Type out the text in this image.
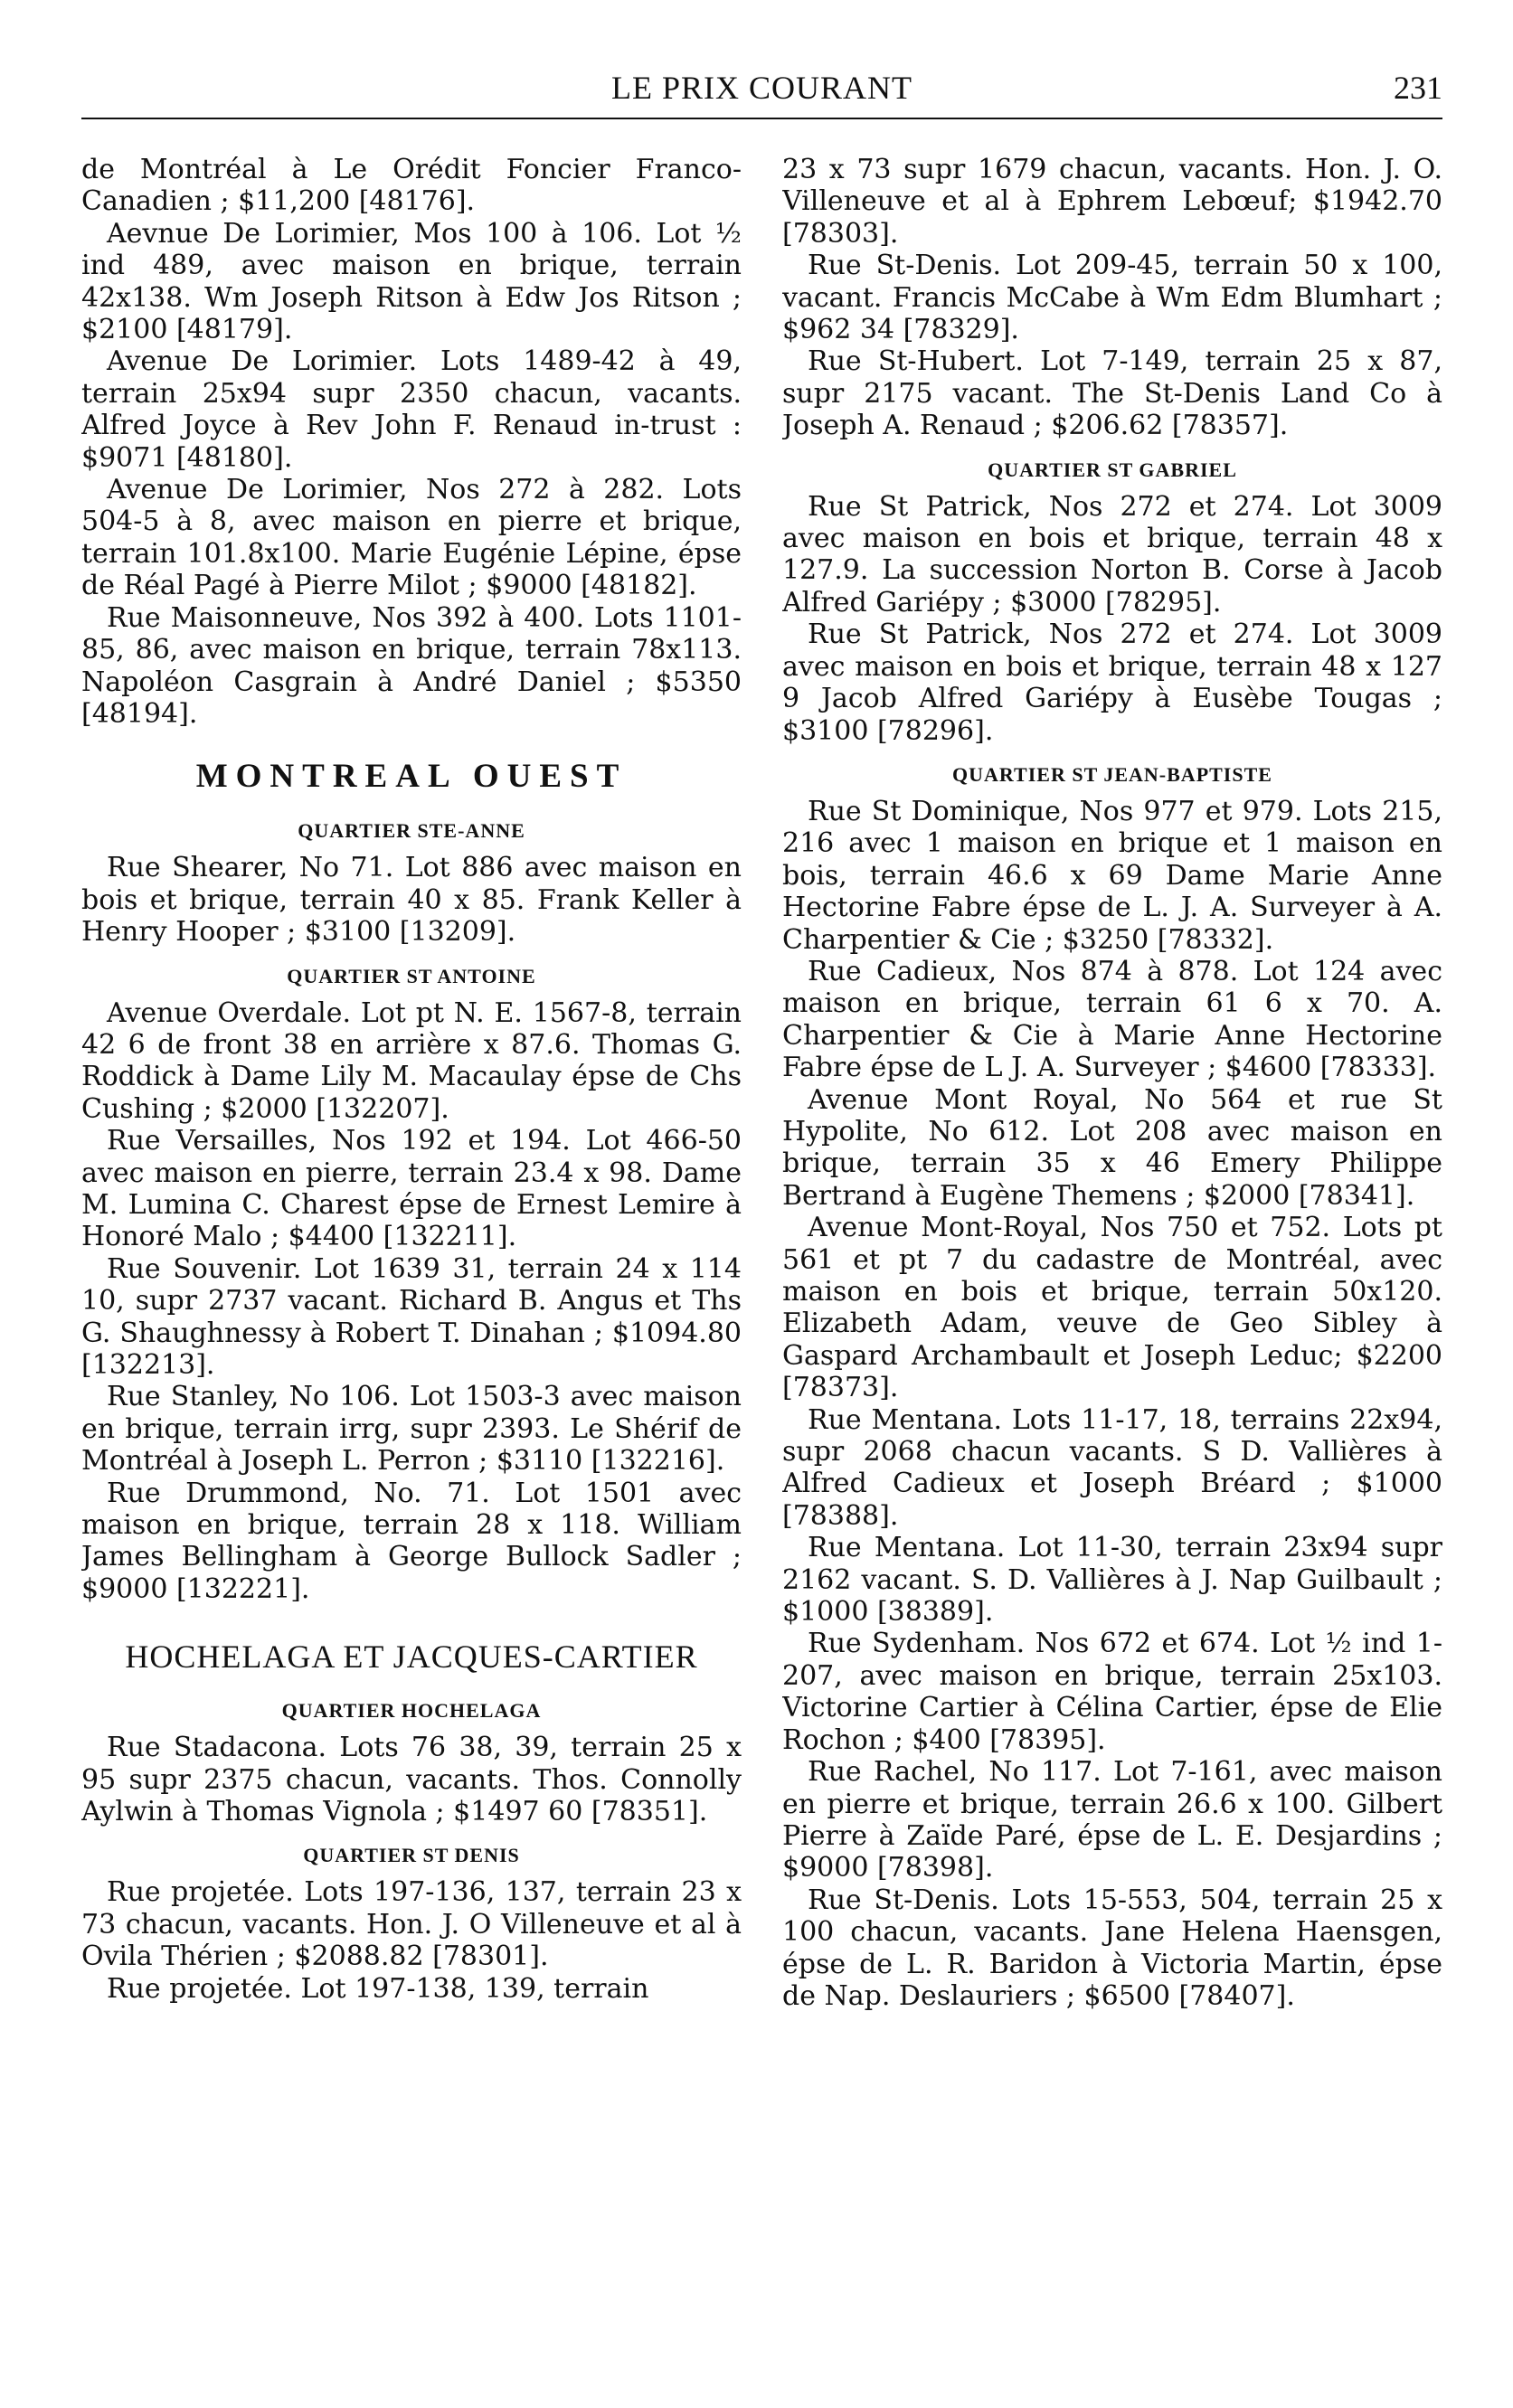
LE PRIX COURANT	231

de Montréal à Le Orédit Foncier Franco-Canadien ; $11,200 [48176].

Aevnue De Lorimier, Mos 100 à 106. Lot ½ ind 489, avec maison en brique, terrain 42x138. Wm Joseph Ritson à Edw Jos Ritson ; $2100 [48179].

Avenue De Lorimier. Lots 1489-42 à 49, terrain 25x94 supr 2350 chacun, vacants. Alfred Joyce à Rev John F. Renaud in-trust : $9071 [48180].

Avenue De Lorimier, Nos 272 à 282. Lots 504-5 à 8, avec maison en pierre et brique, terrain 101.8x100. Marie Eugénie Lépine, épse de Réal Pagé à Pierre Milot ; $9000 [48182].

Rue Maisonneuve, Nos 392 à 400. Lots 1101-85, 86, avec maison en brique, terrain 78x113. Napoléon Casgrain à André Daniel ; $5350 [48194].

MONTREAL OUEST
QUARTIER STE-ANNE

Rue Shearer, No 71. Lot 886 avec maison en bois et brique, terrain 40 x 85. Frank Keller à Henry Hooper ; $3100 [13209].

QUARTIER ST ANTOINE

Avenue Overdale. Lot pt N. E. 1567-8, terrain 42 6 de front 38 en arrière x 87.6. Thomas G. Roddick à Dame Lily M. Macaulay épse de Chs Cushing ; $2000 [132207].

Rue Versailles, Nos 192 et 194. Lot 466-50 avec maison en pierre, terrain 23.4 x 98. Dame M. Lumina C. Charest épse de Ernest Lemire à Honoré Malo ; $4400 [132211].

Rue Souvenir. Lot 1639 31, terrain 24 x 114 10, supr 2737 vacant. Richard B. Angus et Ths G. Shaughnessy à Robert T. Dinahan ; $1094.80 [132213].

Rue Stanley, No 106. Lot 1503-3 avec maison en brique, terrain irrg, supr 2393. Le Shérif de Montréal à Joseph L. Perron ; $3110 [132216].

Rue Drummond, No. 71. Lot 1501 avec maison en brique, terrain 28 x 118. William James Bellingham à George Bullock Sadler ; $9000 [132221].

HOCHELAGA ET JACQUES-CARTIER
QUARTIER HOCHELAGA

Rue Stadacona. Lots 76 38, 39, terrain 25 x 95 supr 2375 chacun, vacants. Thos. Connolly Aylwin à Thomas Vignola ; $1497 60 [78351].

QUARTIER ST DENIS

Rue projetée. Lots 197-136, 137, terrain 23 x 73 chacun, vacants. Hon. J. O Villeneuve et al à Ovila Thérien ; $2088.82 [78301].

Rue projetée. Lot 197-138, 139, terrain

23 x 73 supr 1679 chacun, vacants. Hon. J. O. Villeneuve et al à Ephrem Lebœuf; $1942.70 [78303].

Rue St-Denis. Lot 209-45, terrain 50 x 100, vacant. Francis McCabe à Wm Edm Blumhart ; $962 34 [78329].

Rue St-Hubert. Lot 7-149, terrain 25 x 87, supr 2175 vacant. The St-Denis Land Co à Joseph A. Renaud ; $206.62 [78357].

QUARTIER ST GABRIEL

Rue St Patrick, Nos 272 et 274. Lot 3009 avec maison en bois et brique, terrain 48 x 127.9. La succession Norton B. Corse à Jacob Alfred Gariépy ; $3000 [78295].

Rue St Patrick, Nos 272 et 274. Lot 3009 avec maison en bois et brique, terrain 48 x 127 9 Jacob Alfred Gariépy à Eusèbe Tougas ; $3100 [78296].

QUARTIER ST JEAN-BAPTISTE

Rue St Dominique, Nos 977 et 979. Lots 215, 216 avec 1 maison en brique et 1 maison en bois, terrain 46.6 x 69 Dame Marie Anne Hectorine Fabre épse de L. J. A. Surveyer à A. Charpentier & Cie ; $3250 [78332].

Rue Cadieux, Nos 874 à 878. Lot 124 avec maison en brique, terrain 61 6 x 70. A. Charpentier & Cie à Marie Anne Hectorine Fabre épse de L J. A. Surveyer ; $4600 [78333].

Avenue Mont Royal, No 564 et rue St Hypolite, No 612. Lot 208 avec maison en brique, terrain 35 x 46 Emery Philippe Bertrand à Eugène Themens ; $2000 [78341].

Avenue Mont-Royal, Nos 750 et 752. Lots pt 561 et pt 7 du cadastre de Montréal, avec maison en bois et brique, terrain 50x120. Elizabeth Adam, veuve de Geo Sibley à Gaspard Archambault et Joseph Leduc; $2200 [78373].

Rue Mentana. Lots 11-17, 18, terrains 22x94, supr 2068 chacun vacants. S D. Vallières à Alfred Cadieux et Joseph Bréard ; $1000 [78388].

Rue Mentana. Lot 11-30, terrain 23x94 supr 2162 vacant. S. D. Vallières à J. Nap Guilbault ; $1000 [38389].

Rue Sydenham. Nos 672 et 674. Lot ½ ind 1-207, avec maison en brique, terrain 25x103. Victorine Cartier à Célina Cartier, épse de Elie Rochon ; $400 [78395].

Rue Rachel, No 117. Lot 7-161, avec maison en pierre et brique, terrain 26.6 x 100. Gilbert Pierre à Zaïde Paré, épse de L. E. Desjardins ; $9000 [78398].

Rue St-Denis. Lots 15-553, 504, terrain 25 x 100 chacun, vacants. Jane Helena Haensgen, épse de L. R. Baridon à Victoria Martin, épse de Nap. Deslauriers ; $6500 [78407].
